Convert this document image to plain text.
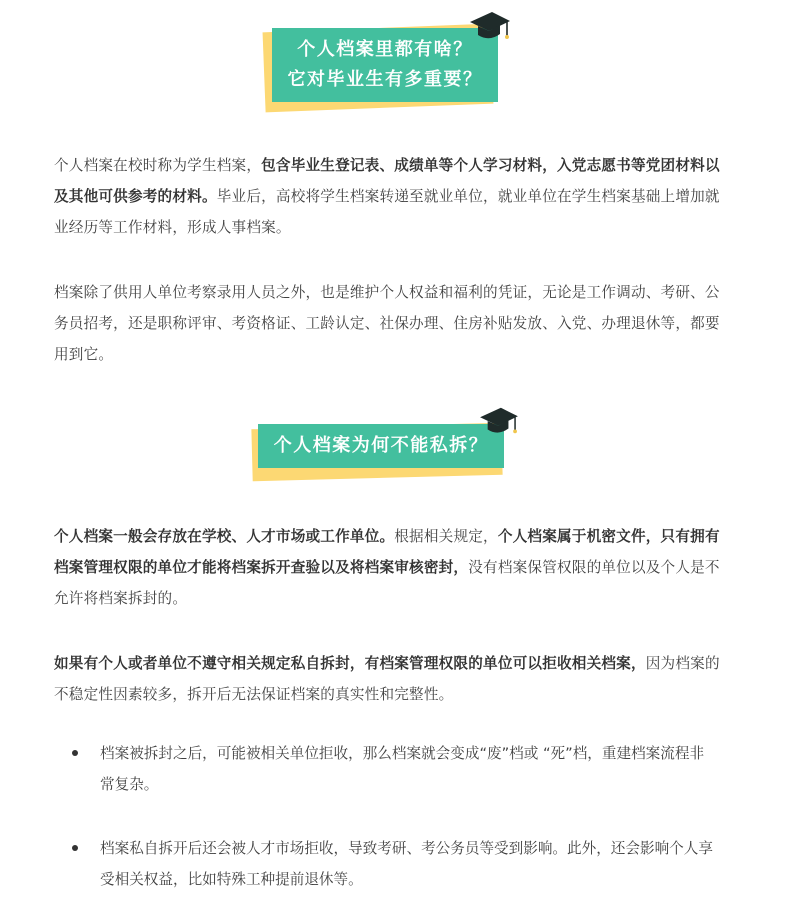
个人档案里都有啥？
它对毕业生有多重要？

个人档案在校时称为学生档案，包含毕业生登记表、成绩单等个人学习材料，入党志愿书等党团材料以及其他可供参考的材料。毕业后，高校将学生档案转递至就业单位，就业单位在学生档案基础上增加就业经历等工作材料，形成人事档案。

档案除了供用人单位考察录用人员之外，也是维护个人权益和福利的凭证，无论是工作调动、考研、公务员招考，还是职称评审、考资格证、工龄认定、社保办理、住房补贴发放、入党、办理退休等，都要用到它。

个人档案为何不能私拆？

个人档案一般会存放在学校、人才市场或工作单位。根据相关规定，个人档案属于机密文件，只有拥有档案管理权限的单位才能将档案拆开查验以及将档案审核密封，没有档案保管权限的单位以及个人是不允许将档案拆封的。

如果有个人或者单位不遵守相关规定私自拆封，有档案管理权限的单位可以拒收相关档案，因为档案的不稳定性因素较多，拆开后无法保证档案的真实性和完整性。

档案被拆封之后，可能被相关单位拒收，那么档案就会变成“废”档或 “死”档，重建档案流程非常复杂。
档案私自拆开后还会被人才市场拒收，导致考研、考公务员等受到影响。此外，还会影响个人享受相关权益，比如特殊工种提前退休等。
